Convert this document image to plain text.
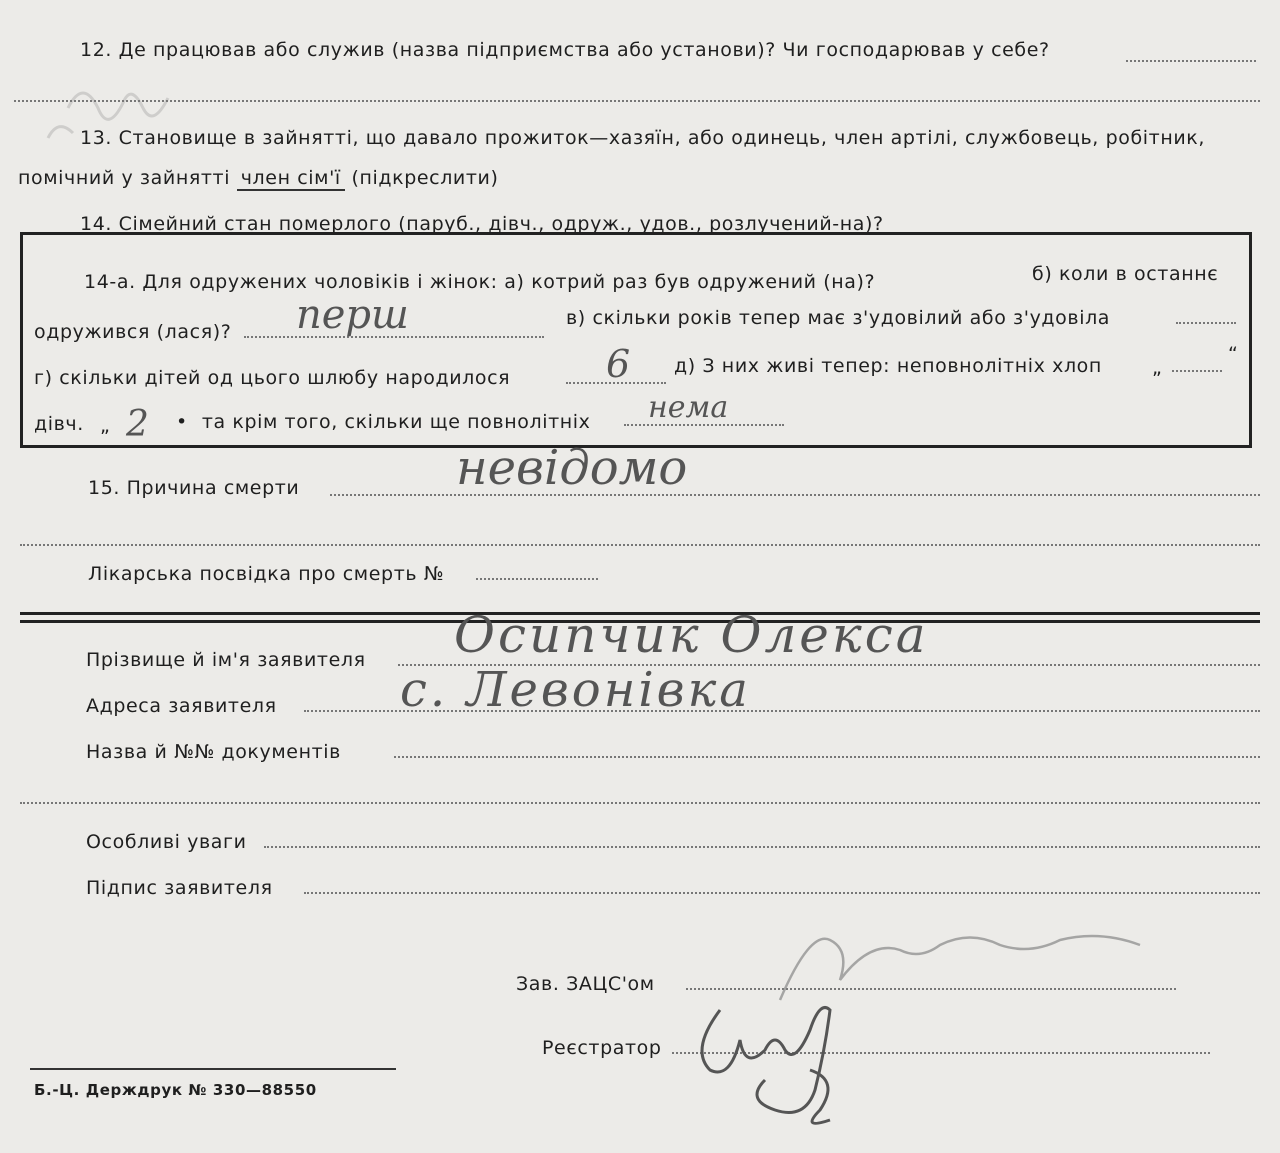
12. Де працював або служив (назва підприємства або установи)? Чи господарював у себе?
13. Становище в зайнятті, що давало прожиток—хазяїн, або одинець, член артілі, службовець, робітник,
помічний у зайнятті член сім'ї (підкреслити)
14. Сімейний стан померлого (паруб., дівч., одруж., удов., розлучений-на)?
14-а. Для одружених чоловіків і жінок: а) котрий раз був одружений (на)?	б) коли в останнє
одружився (лася)? перш	в) скільки років тепер має з'удовілий або з'удовіла
г) скільки дітей од цього шлюбу народилося	6 д) З них живі тепер: неповнолітніх хлоп	„
“
дівч. „ 2 • та крім того, скільки ще повнолітніх нема
15. Причина смерти	невідомо
Лікарська посвідка про смерть №
Прізвище й ім'я заявителя Осипчик Олекса
Адреса заявителя	с. Левонівка
Назва й №№ документів
Особливі уваги
Підпис заявителя
Зав. ЗАЦС'ом
Реєстратор
Б.-Ц. Держдрук № 330—88550
